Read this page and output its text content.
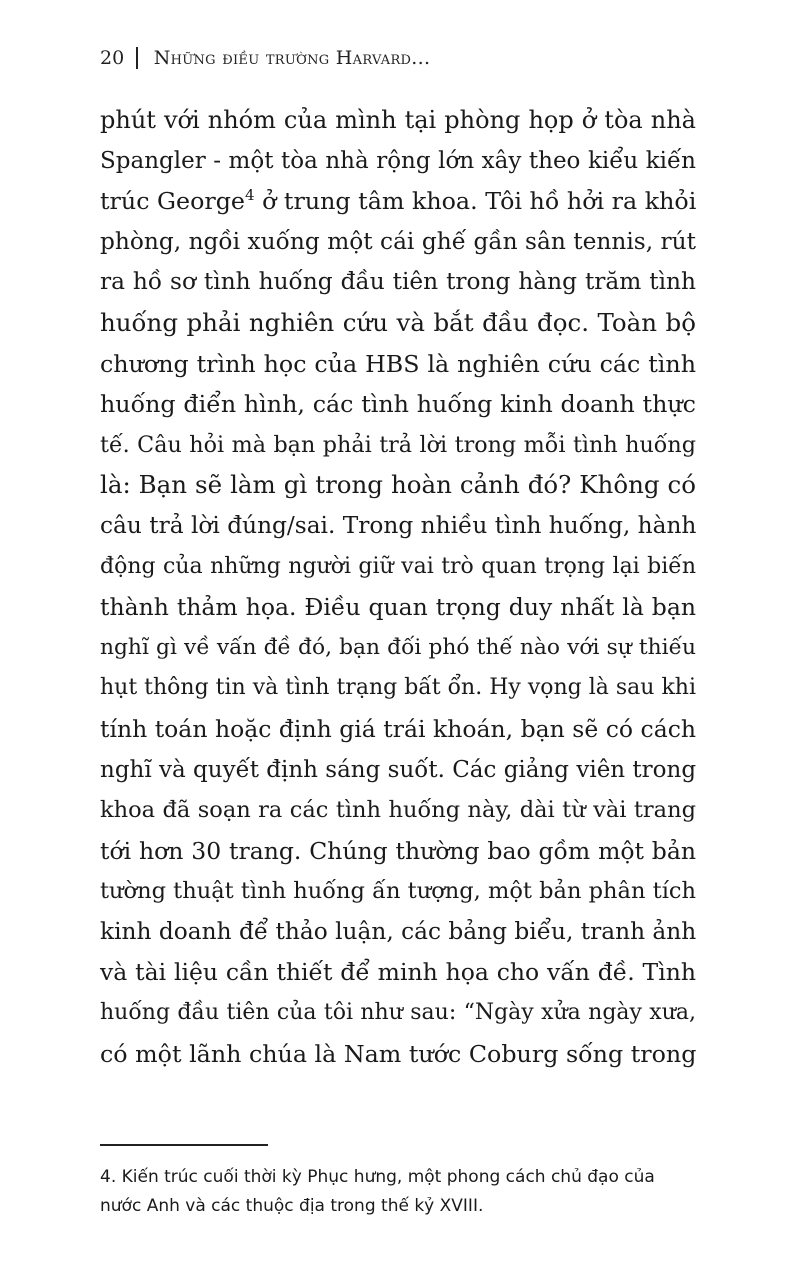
20 Những điều trường Harvard...
phút với nhóm của mình tại phòng họp ở tòa nhà
Spangler - một tòa nhà rộng lớn xây theo kiểu kiến
trúc George$^4$ ở trung tâm khoa. Tôi hồ hởi ra khỏi
phòng, ngồi xuống một cái ghế gần sân tennis, rút
ra hồ sơ tình huống đầu tiên trong hàng trăm tình
huống phải nghiên cứu và bắt đầu đọc. Toàn bộ
chương trình học của HBS là nghiên cứu các tình
huống điển hình, các tình huống kinh doanh thực
tế. Câu hỏi mà bạn phải trả lời trong mỗi tình huống
là: Bạn sẽ làm gì trong hoàn cảnh đó? Không có
câu trả lời đúng/sai. Trong nhiều tình huống, hành
động của những người giữ vai trò quan trọng lại biến
thành thảm họa. Điều quan trọng duy nhất là bạn
nghĩ gì về vấn đề đó, bạn đối phó thế nào với sự thiếu
hụt thông tin và tình trạng bất ổn. Hy vọng là sau khi
tính toán hoặc định giá trái khoán, bạn sẽ có cách
nghĩ và quyết định sáng suốt. Các giảng viên trong
khoa đã soạn ra các tình huống này, dài từ vài trang
tới hơn 30 trang. Chúng thường bao gồm một bản
tường thuật tình huống ấn tượng, một bản phân tích
kinh doanh để thảo luận, các bảng biểu, tranh ảnh
và tài liệu cần thiết để minh họa cho vấn đề. Tình
huống đầu tiên của tôi như sau: “Ngày xửa ngày xưa,
có một lãnh chúa là Nam tước Coburg sống trong
4. Kiến trúc cuối thời kỳ Phục hưng, một phong cách chủ đạo của
nước Anh và các thuộc địa trong thế kỷ XVIII.
